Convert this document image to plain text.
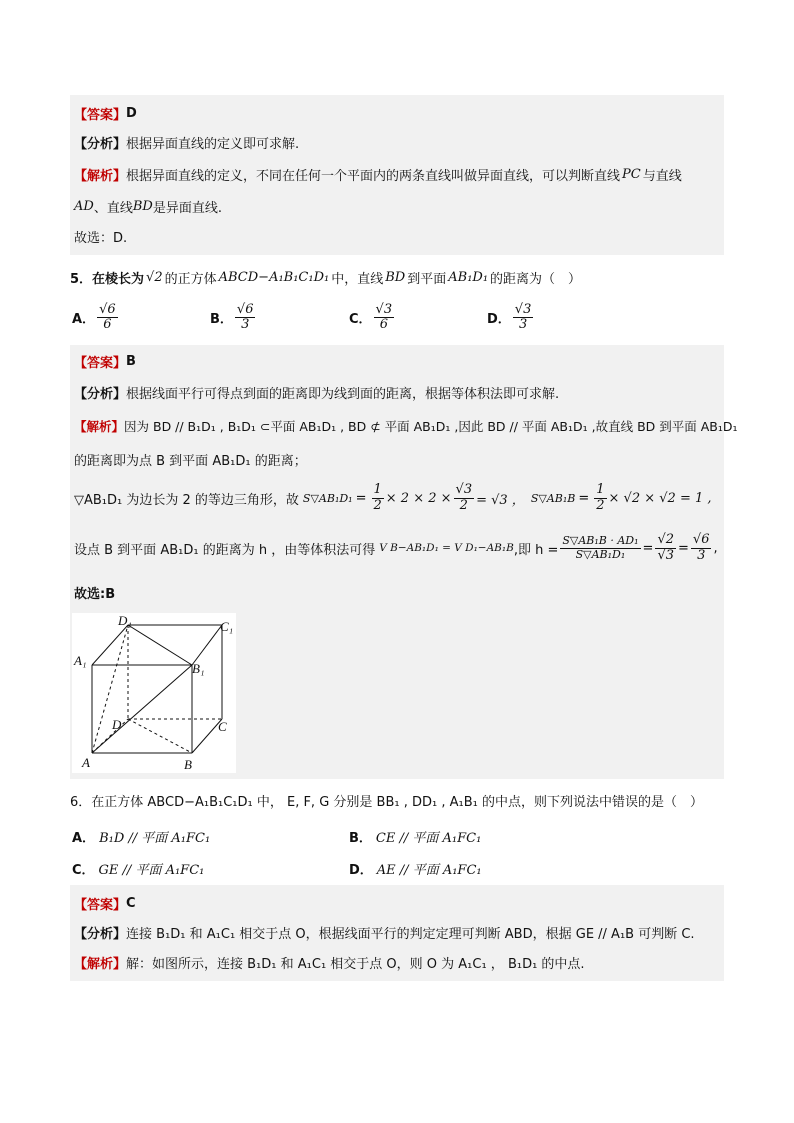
【答案】 D
【分析】 根据异面直线的定义即可求解.
【解析】 根据异面直线的定义，不同在任何一个平面内的两条直线叫做异面直线，可以判断直线 PC 与直线
AD 、直线 BD 是异面直线.
故选：D.
5．在棱长为 √2 的正方体 ABCD−A₁B₁C₁D₁ 中，直线 BD 到平面 AB₁D₁ 的距离为（　）
A． $\frac{√6}{6}$	B． $\frac{√6}{3}$	C． $\frac{√3}{6}$	D． $\frac{√3}{3}$
【答案】 B
【分析】 根据线面平行可得点到面的距离即为线到面的距离，根据等体积法即可求解.
【解析】 因为 BD // B₁D₁ , B₁D₁ ⊂平面 AB₁D₁ , BD ⊄ 平面 AB₁D₁ ,因此 BD // 平面 AB₁D₁ ,故直线 BD 到平面 AB₁D₁
的距离即为点 B 到平面 AB₁D₁ 的距离；
▽AB₁D₁ 为边长为 2 的等边三角形，故 S▽AB₁D₁ = $\frac{1}{2} \times 2 \times 2 \times \frac{√3}{2} = √3$ ， S▽AB₁B = $\frac{1}{2} \times √2 \times √2 = 1$ ,
设点 B 到平面 AB₁D₁ 的距离为 h ，由等体积法可得 V B−AB₁D₁ = V D₁−AB₁B ,即 $h = \frac{\text{S▽AB₁B · AD₁}}{\text{S▽AB₁D₁}} = \frac{√2}{√3} = \frac{√6}{3}$ ,
故选:B
D₁	C₁
A₁
B₁
D	C
A	B
6．在正方体 ABCD−A₁B₁C₁D₁ 中， E, F, G 分别是 BB₁ , DD₁ , A₁B₁ 的中点，则下列说法中错误的是（　）
A． B₁D // 平面 A₁FC₁	B． CE // 平面 A₁FC₁
C． GE // 平面 A₁FC₁	D． AE // 平面 A₁FC₁
【答案】 C
【分析】 连接 B₁D₁ 和 A₁C₁ 相交于点 O，根据线面平行的判定定理可判断 ABD，根据 GE // A₁B 可判断 C.
【解析】 解：如图所示，连接 B₁D₁ 和 A₁C₁ 相交于点 O，则 O 为 A₁C₁ ， B₁D₁ 的中点.
